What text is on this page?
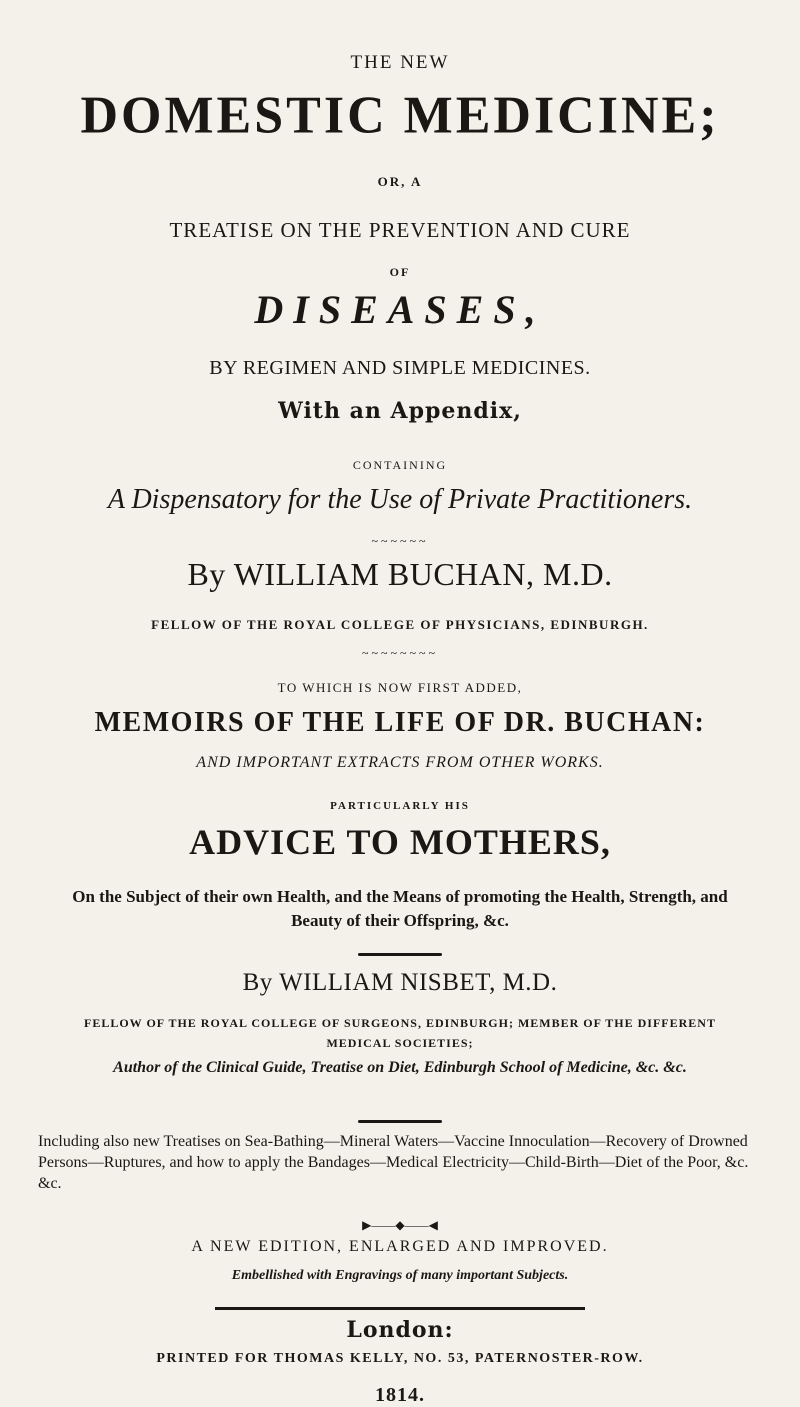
THE NEW
DOMESTIC MEDICINE;
OR, A
TREATISE ON THE PREVENTION AND CURE
OF
DISEASES,
BY REGIMEN AND SIMPLE MEDICINES.
With an Appendix,
CONTAINING
A Dispensatory for the Use of Private Practitioners.
~~~~~~
By WILLIAM BUCHAN, M.D.
FELLOW OF THE ROYAL COLLEGE OF PHYSICIANS, EDINBURGH.
~~~~~~~~
TO WHICH IS NOW FIRST ADDED,
MEMOIRS OF THE LIFE OF DR. BUCHAN:
AND IMPORTANT EXTRACTS FROM OTHER WORKS.
PARTICULARLY HIS
ADVICE TO MOTHERS,
On the Subject of their own Health, and the Means of promoting the Health, Strength, and Beauty of their Offspring, &c.
By WILLIAM NISBET, M.D.
FELLOW OF THE ROYAL COLLEGE OF SURGEONS, EDINBURGH; MEMBER OF THE DIFFERENT MEDICAL SOCIETIES;
Author of the Clinical Guide, Treatise on Diet, Edinburgh School of Medicine, &c. &c.
Including also new Treatises on Sea-Bathing—Mineral Waters—Vaccine Innoculation—Recovery of Drowned Persons—Ruptures, and how to apply the Bandages—Medical Electricity—Child-Birth—Diet of the Poor, &c. &c.
▶——◆——◀
A NEW EDITION, ENLARGED AND IMPROVED.
Embellished with Engravings of many important Subjects.
London:
PRINTED FOR THOMAS KELLY, NO. 53, PATERNOSTER-ROW.
1814.
